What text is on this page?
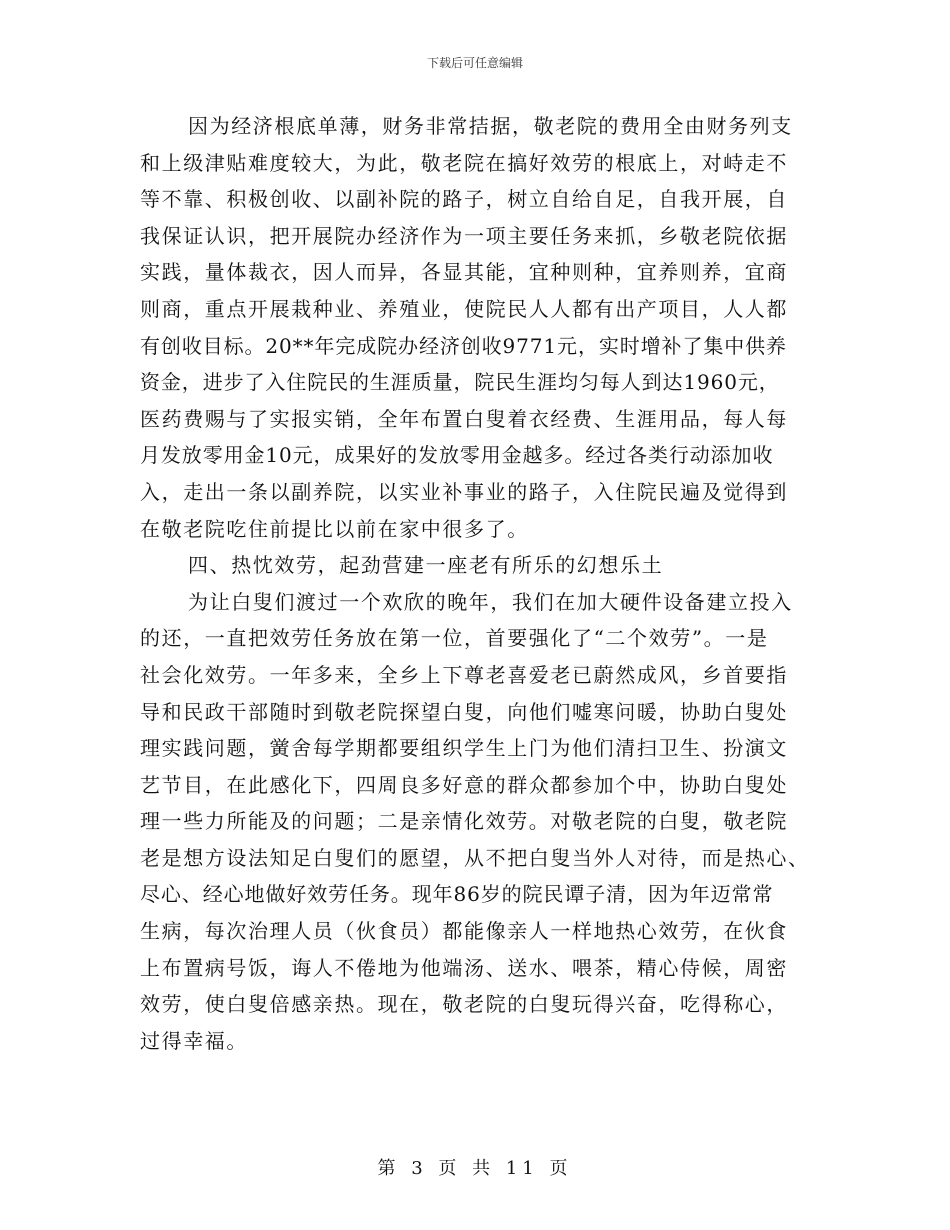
下载后可任意编辑
因为经济根底单薄，财务非常拮据，敬老院的费用全由财务列支
和上级津贴难度较大，为此，敬老院在搞好效劳的根底上，对峙走不
等不靠、积极创收、以副补院的路子，树立自给自足，自我开展，自
我保证认识，把开展院办经济作为一项主要任务来抓，乡敬老院依据
实践，量体裁衣，因人而异，各显其能，宜种则种，宜养则养，宜商
则商，重点开展栽种业、养殖业，使院民人人都有出产项目，人人都
有创收目标。20**年完成院办经济创收9771元，实时增补了集中供养
资金，进步了入住院民的生涯质量，院民生涯均匀每人到达1960元，
医药费赐与了实报实销，全年布置白叟着衣经费、生涯用品，每人每
月发放零用金10元，成果好的发放零用金越多。经过各类行动添加收
入，走出一条以副养院，以实业补事业的路子，入住院民遍及觉得到
在敬老院吃住前提比以前在家中很多了。
四、热忱效劳，起劲营建一座老有所乐的幻想乐土
为让白叟们渡过一个欢欣的晚年，我们在加大硬件设备建立投入
的还，一直把效劳任务放在第一位，首要强化了“二个效劳”。一是
社会化效劳。一年多来，全乡上下尊老喜爱老已蔚然成风，乡首要指
导和民政干部随时到敬老院探望白叟，向他们嘘寒问暖，协助白叟处
理实践问题，黉舍每学期都要组织学生上门为他们清扫卫生、扮演文
艺节目，在此感化下，四周良多好意的群众都参加个中，协助白叟处
理一些力所能及的问题；二是亲情化效劳。对敬老院的白叟，敬老院
老是想方设法知足白叟们的愿望，从不把白叟当外人对待，而是热心、
尽心、经心地做好效劳任务。现年86岁的院民谭子清，因为年迈常常
生病，每次治理人员（伙食员）都能像亲人一样地热心效劳，在伙食
上布置病号饭，诲人不倦地为他端汤、送水、喂茶，精心侍候，周密
效劳，使白叟倍感亲热。现在，敬老院的白叟玩得兴奋，吃得称心，
过得幸福。
第 3 页 共 11 页
